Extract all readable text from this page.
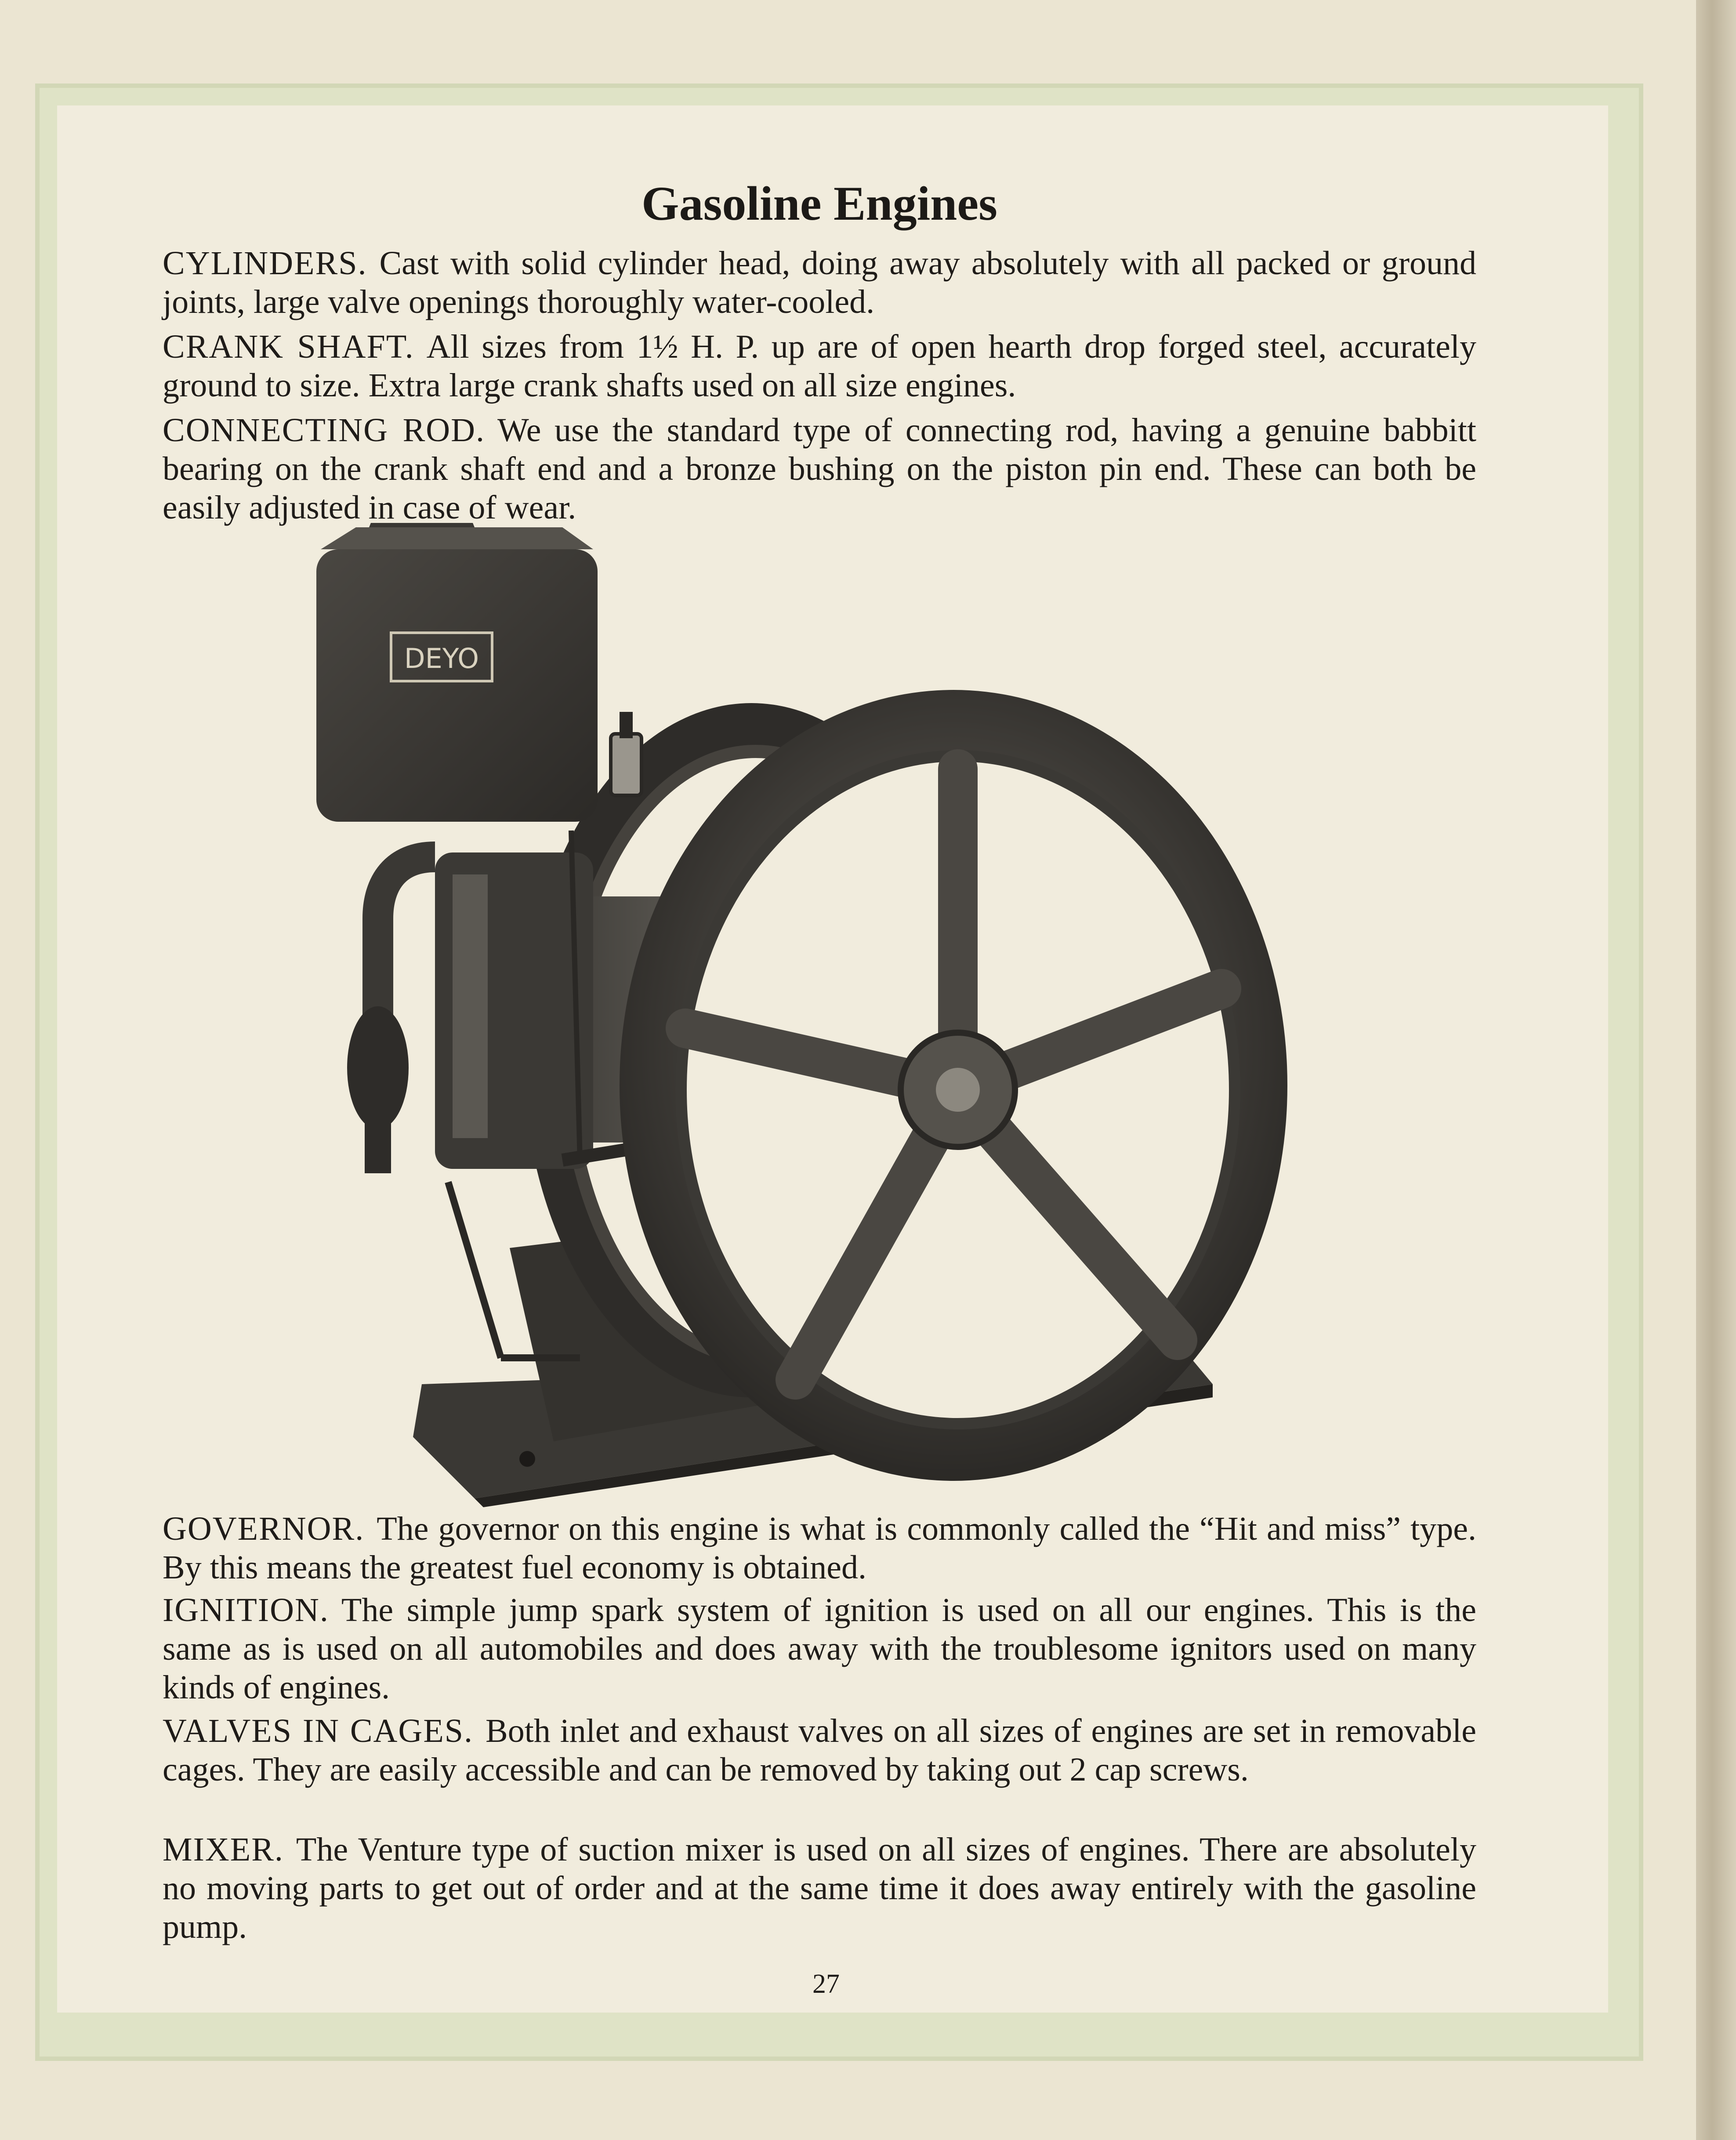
Gasoline Engines

CYLINDERS. Cast with solid cylinder head, doing away absolutely with all packed or ground joints, large valve openings thoroughly water-cooled.

CRANK SHAFT. All sizes from 1½ H. P. up are of open hearth drop forged steel, accurately ground to size. Extra large crank shafts used on all size engines.

CONNECTING ROD. We use the standard type of connecting rod, having a genuine babbitt bearing on the crank shaft end and a bronze bushing on the piston pin end. These can both be easily adjusted in case of wear.

DEYO

GOVERNOR. The governor on this engine is what is commonly called the “Hit and miss” type. By this means the greatest fuel economy is obtained.

IGNITION. The simple jump spark system of ignition is used on all our engines. This is the same as is used on all automobiles and does away with the troublesome ignitors used on many kinds of engines.

VALVES IN CAGES. Both inlet and exhaust valves on all sizes of engines are set in removable cages. They are easily accessible and can be removed by taking out 2 cap screws.

MIXER. The Venture type of suction mixer is used on all sizes of engines. There are absolutely no moving parts to get out of order and at the same time it does away entirely with the gasoline pump.

27
